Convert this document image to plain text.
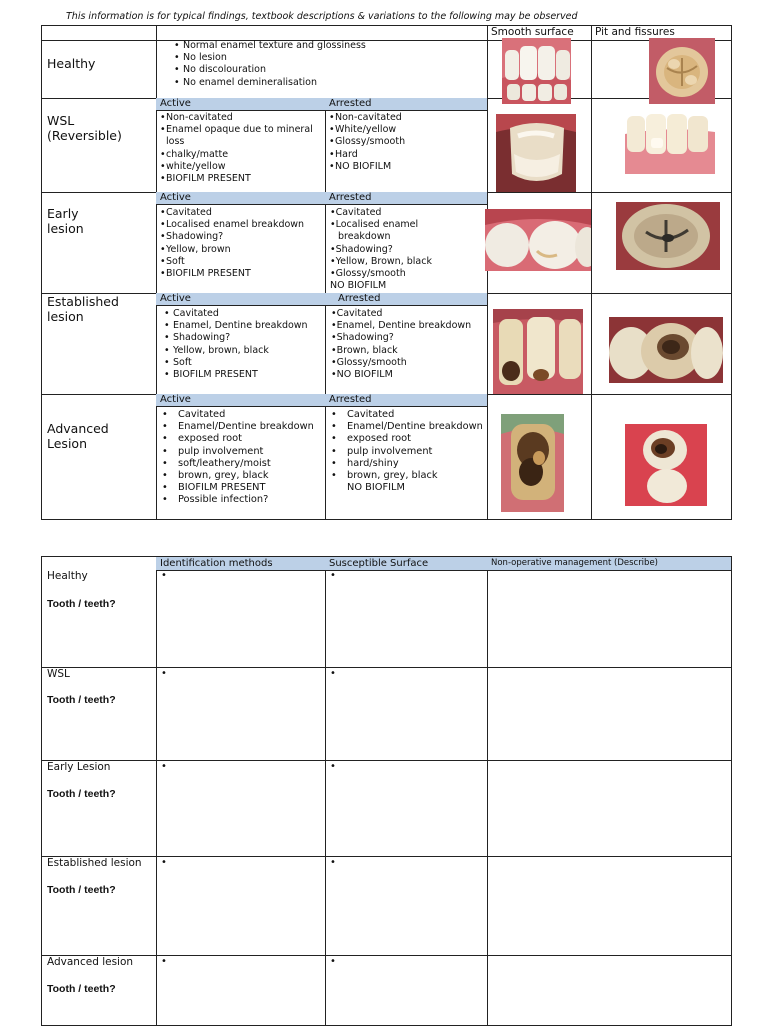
This information is for typical findings, textbook descriptions & variations to the following may be observed
Smooth surface Pit and fissures
Healthy
• Normal enamel texture and glossiness
• No lesion
• No discolouration
• No enamel demineralisation
Active	Arrested
WSL
(Reversible)
• Non-cavitated
• Enamel opaque due to mineral loss
• chalky/matte
• white/yellow
• BIOFILM PRESENT
• Non-cavitated
• White/yellow
• Glossy/smooth
• Hard
• NO BIOFILM
Active	Arrested
Early
lesion
• Cavitated
• Localised enamel breakdown
• Shadowing?
• Yellow, brown
• Soft
• BIOFILM PRESENT
•Cavitated
•Localised enamel
breakdown
•Shadowing?
•Yellow, Brown, black
•Glossy/smooth
NO BIOFILM
Active	Arrested
Established
lesion
•	Cavitated
• Enamel, Dentine breakdown
• Shadowing?
• Yellow, brown, black
• Soft
• BIOFILM PRESENT
•Cavitated
•Enamel, Dentine breakdown
•Shadowing?
•Brown, black
•Glossy/smooth
•NO BIOFILM
Active	Arrested
Advanced
Lesion
• Cavitated
• Enamel/Dentine breakdown
• exposed root
• pulp involvement
• soft/leathery/moist
• brown, grey, black
• BIOFILM PRESENT
• Possible infection?
• Cavitated
• Enamel/Dentine breakdown
• exposed root
• pulp involvement
• hard/shiny
• brown, grey, black
NO BIOFILM
Identification methods	Susceptible Surface	Non-operative management (Describe)
Healthy
Tooth / teeth?
•	•
WSL
Tooth / teeth?
•	•
Early Lesion
Tooth / teeth?
•	•
Established lesion
Tooth / teeth?
•	•
Advanced lesion
Tooth / teeth?
•	•
